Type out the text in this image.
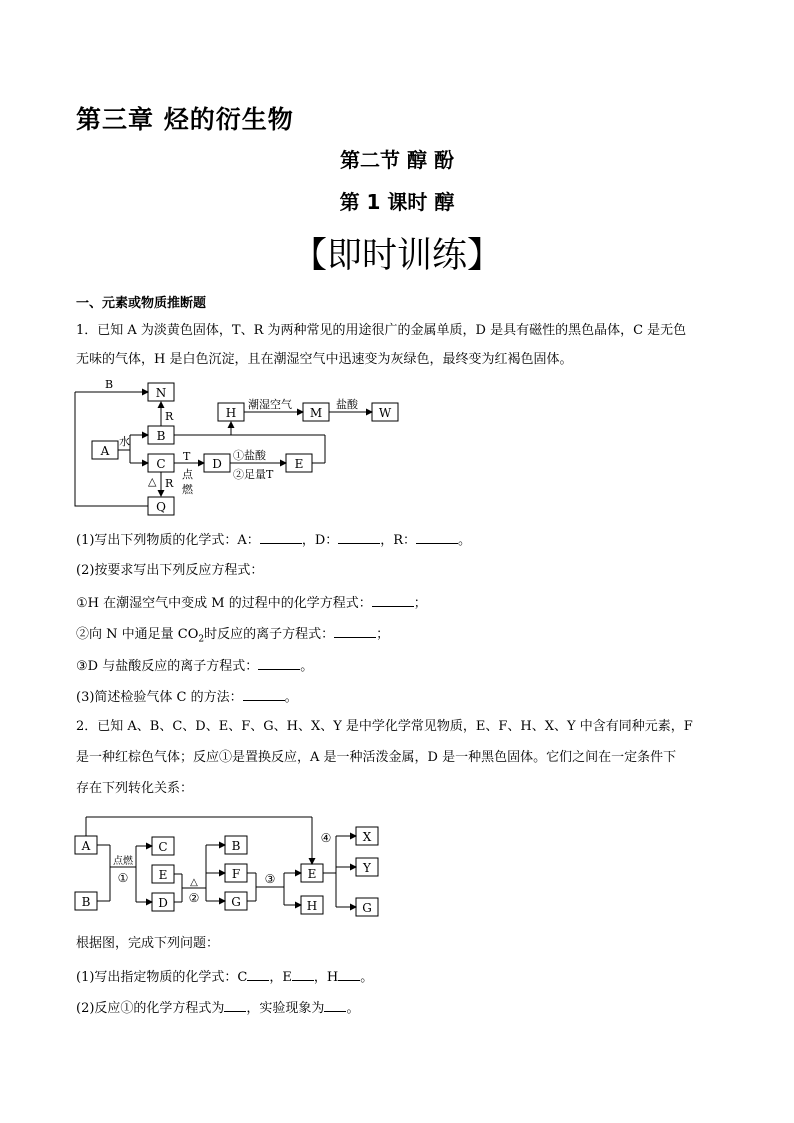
第三章 烃的衍生物
第二节 醇 酚
第 1 课时 醇
【即时训练】
一、元素或物质推断题
1．已知 A 为淡黄色固体，T、R 为两种常见的用途很广的金属单质，D 是具有磁性的黑色晶体，C 是无色
无味的气体，H 是白色沉淀，且在潮湿空气中迅速变为灰绿色，最终变为红褐色固体。
N
B
A
C
Q
D	E
H	M	W
B
水
R
△ R
T
点
燃
潮湿空气	盐酸
①盐酸
②足量T
(1)写出下列物质的化学式：A：	，D：	，R：	。
(2)按要求写出下列反应方程式：
①H 在潮湿空气中变成 M 的过程中的化学方程式：	；
②向 N 中通足量 $CO_2$时反应的离子方程式：	；
③D 与盐酸反应的离子方程式：	。
(3)简述检验气体 C 的方法：	。
2．已知 A、B、C、D、E、F、G、H、X、Y 是中学化学常见物质，E、F、H、X、Y 中含有同种元素，F
是一种红棕色气体；反应①是置换反应，A 是一种活泼金属，D 是一种黑色固体。它们之间在一定条件下
存在下列转化关系：
A
B
C
E
D
B
F
G
E
H
X
Y
G
点燃
①	△
②
③
④
根据图，完成下列问题：
(1)写出指定物质的化学式：C ，E ，H 。
(2)反应①的化学方程式为 ，实验现象为 。
